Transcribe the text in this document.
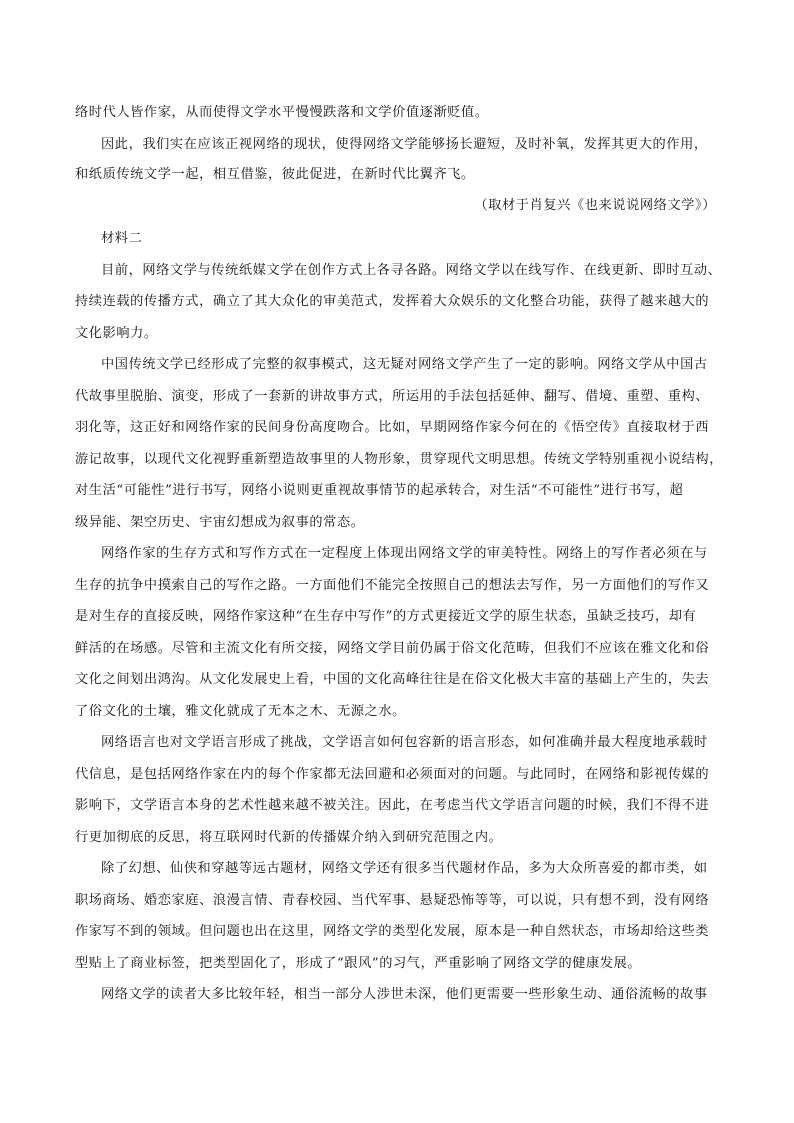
络时代人皆作家，从而使得文学水平慢慢跌落和文学价值逐渐贬值。
因此，我们实在应该正视网络的现状，使得网络文学能够扬长避短，及时补氧，发挥其更大的作用，
和纸质传统文学一起，相互借鉴，彼此促进，在新时代比翼齐飞。
（取材于肖复兴《也来说说网络文学》）
材料二
目前，网络文学与传统纸媒文学在创作方式上各寻各路。网络文学以在线写作、在线更新、即时互动、
持续连载的传播方式，确立了其大众化的审美范式，发挥着大众娱乐的文化整合功能，获得了越来越大的
文化影响力。
中国传统文学已经形成了完整的叙事模式，这无疑对网络文学产生了一定的影响。网络文学从中国古
代故事里脱胎、演变，形成了一套新的讲故事方式，所运用的手法包括延伸、翻写、借境、重塑、重构、
羽化等，这正好和网络作家的民间身份高度吻合。比如，早期网络作家今何在的《悟空传》直接取材于西
游记故事，以现代文化视野重新塑造故事里的人物形象，贯穿现代文明思想。传统文学特别重视小说结构，
对生活“可能性”进行书写，网络小说则更重视故事情节的起承转合，对生活“不可能性”进行书写，超
级异能、架空历史、宇宙幻想成为叙事的常态。
网络作家的生存方式和写作方式在一定程度上体现出网络文学的审美特性。网络上的写作者必须在与
生存的抗争中摸索自己的写作之路。一方面他们不能完全按照自己的想法去写作，另一方面他们的写作又
是对生存的直接反映，网络作家这种“在生存中写作”的方式更接近文学的原生状态，虽缺乏技巧，却有
鲜活的在场感。尽管和主流文化有所交接，网络文学目前仍属于俗文化范畴，但我们不应该在雅文化和俗
文化之间划出鸿沟。从文化发展史上看，中国的文化高峰往往是在俗文化极大丰富的基础上产生的，失去
了俗文化的土壤，雅文化就成了无本之木、无源之水。
网络语言也对文学语言形成了挑战，文学语言如何包容新的语言形态，如何准确并最大程度地承载时
代信息，是包括网络作家在内的每个作家都无法回避和必须面对的问题。与此同时，在网络和影视传媒的
影响下，文学语言本身的艺术性越来越不被关注。因此，在考虑当代文学语言问题的时候，我们不得不进
行更加彻底的反思，将互联网时代新的传播媒介纳入到研究范围之内。
除了幻想、仙侠和穿越等远古题材，网络文学还有很多当代题材作品，多为大众所喜爱的都市类，如
职场商场、婚恋家庭、浪漫言情、青春校园、当代军事、悬疑恐怖等等，可以说，只有想不到，没有网络
作家写不到的领域。但问题也出在这里，网络文学的类型化发展，原本是一种自然状态，市场却给这些类
型贴上了商业标签，把类型固化了，形成了“跟风”的习气，严重影响了网络文学的健康发展。
网络文学的读者大多比较年轻，相当一部分人涉世未深，他们更需要一些形象生动、通俗流畅的故事
